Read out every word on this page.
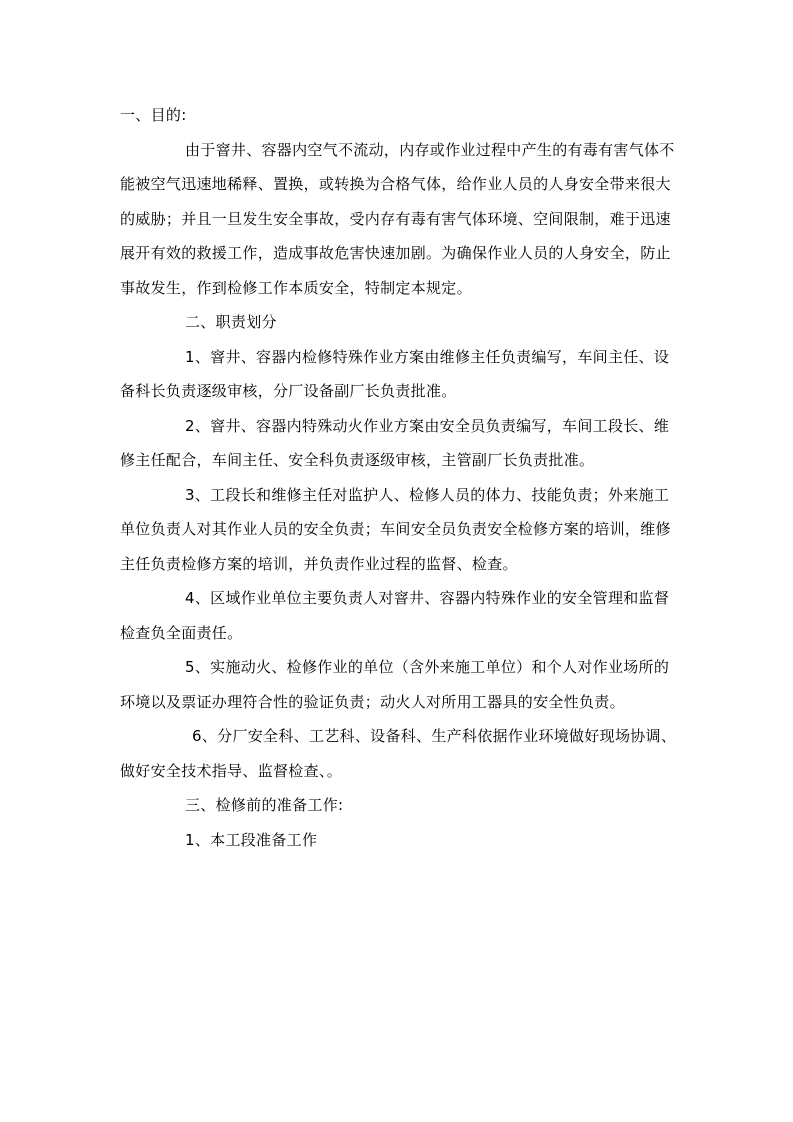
一、目的:

由于窨井、容器内空气不流动，内存或作业过程中产生的有毒有害气体不能被空气迅速地稀释、置换，或转换为合格气体，给作业人员的人身安全带来很大的威胁；并且一旦发生安全事故，受内存有毒有害气体环境、空间限制，难于迅速展开有效的救援工作，造成事故危害快速加剧。为确保作业人员的人身安全，防止事故发生，作到检修工作本质安全，特制定本规定。

二、职责划分

1、窨井、容器内检修特殊作业方案由维修主任负责编写，车间主任、设备科长负责逐级审核，分厂设备副厂长负责批准。

2、窨井、容器内特殊动火作业方案由安全员负责编写，车间工段长、维修主任配合，车间主任、安全科负责逐级审核，主管副厂长负责批准。

3、工段长和维修主任对监护人、检修人员的体力、技能负责；外来施工单位负责人对其作业人员的安全负责；车间安全员负责安全检修方案的培训，维修主任负责检修方案的培训，并负责作业过程的监督、检查。

4、区域作业单位主要负责人对窨井、容器内特殊作业的安全管理和监督检查负全面责任。

5、实施动火、检修作业的单位（含外来施工单位）和个人对作业场所的环境以及票证办理符合性的验证负责；动火人对所用工器具的安全性负责。

6、分厂安全科、工艺科、设备科、生产科依据作业环境做好现场协调、做好安全技术指导、监督检查、。

三、检修前的准备工作:

1、本工段准备工作
